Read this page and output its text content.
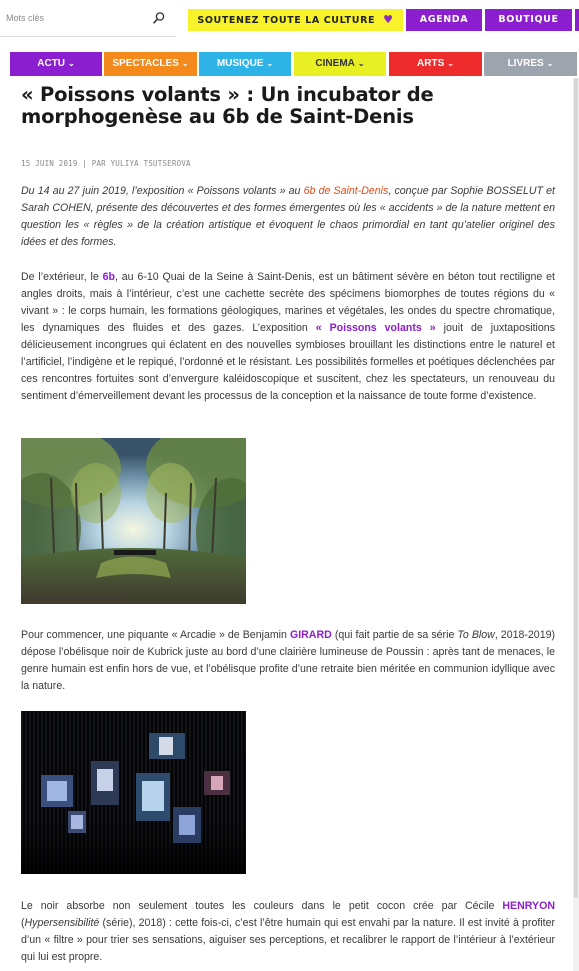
Mots clés
SOUTENEZ TOUTE LA CULTURE ♥	AGENDA	BOUTIQUE
ACTU ⌄	SPECTACLES ⌄	MUSIQUE ⌄	CINEMA ⌄	ARTS ⌄	LIVRES ⌄
« Poissons volants » : Un incubator de morphogenèse au 6b de Saint-Denis
15 JUIN 2019 | PAR YULIYA TSUTSEROVA

Du 14 au 27 juin 2019, l’exposition « Poissons volants » au 6b de Saint-Denis, conçue par Sophie BOSSELUT et Sarah COHEN, présente des découvertes et des formes émergentes où les « accidents » de la nature mettent en question les « règles » de la création artistique et évoquent le chaos primordial en tant qu’atelier originel des idées et des formes.

De l’extérieur, le 6b, au 6-10 Quai de la Seine à Saint-Denis, est un bâtiment sévère en béton tout rectiligne et angles droits, mais à l’intérieur, c’est une cachette secrète des spécimens biomorphes de toutes régions du « vivant » : le corps humain, les formations géologiques, marines et végétales, les ondes du spectre chromatique, les dynamiques des fluides et des gazes. L’exposition « Poissons volants » jouit de juxtapositions délicieusement incongrues qui éclatent en des nouvelles symbioses brouillant les distinctions entre le naturel et l’artificiel, l’indigène et le repiqué, l’ordonné et le résistant. Les possibilités formelles et poétiques déclenchées par ces rencontres fortuites sont d’envergure kaléidoscopique et suscitent, chez les spectateurs, un renouveau du sentiment d’émerveillement devant les processus de la conception et la naissance de toute forme d’existence.

Pour commencer, une piquante « Arcadie » de Benjamin GIRARD (qui fait partie de sa série To Blow, 2018-2019) dépose l’obélisque noir de Kubrick juste au bord d’une clairière lumineuse de Poussin : après tant de menaces, le genre humain est enfin hors de vue, et l’obélisque profite d’une retraite bien méritée en communion idyllique avec la nature.

Le noir absorbe non seulement toutes les couleurs dans le petit cocon crée par Cécile HENRYON (Hypersensibilité (série), 2018) : cette fois-ci, c’est l’être humain qui est envahi par la nature. Il est invité à profiter d’un « filtre » pour trier ses sensations, aiguiser ses perceptions, et recalibrer le rapport de l’intérieur à l’extérieur qui lui est propre.
